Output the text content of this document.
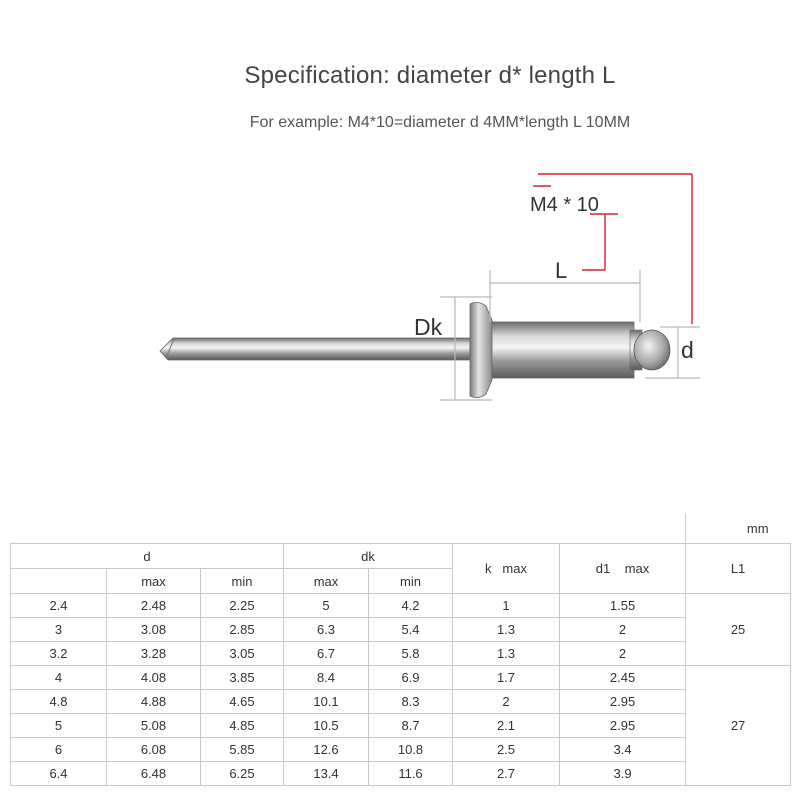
Specification: diameter d* length L
For example: M4*10=diameter d 4MM*length L 10MM
M4 * 10
L
Dk
d
							mm
d			dk		k   max	d1    max	L1
	max	min	max	min			
2.4	2.48	2.25	5	4.2	1	1.55	25
3	3.08	2.85	6.3	5.4	1.3	2	
3.2	3.28	3.05	6.7	5.8	1.3	2	
4	4.08	3.85	8.4	6.9	1.7	2.45	27
4.8	4.88	4.65	10.1	8.3	2	2.95	
5	5.08	4.85	10.5	8.7	2.1	2.95	
6	6.08	5.85	12.6	10.8	2.5	3.4	
6.4	6.48	6.25	13.4	11.6	2.7	3.9	
